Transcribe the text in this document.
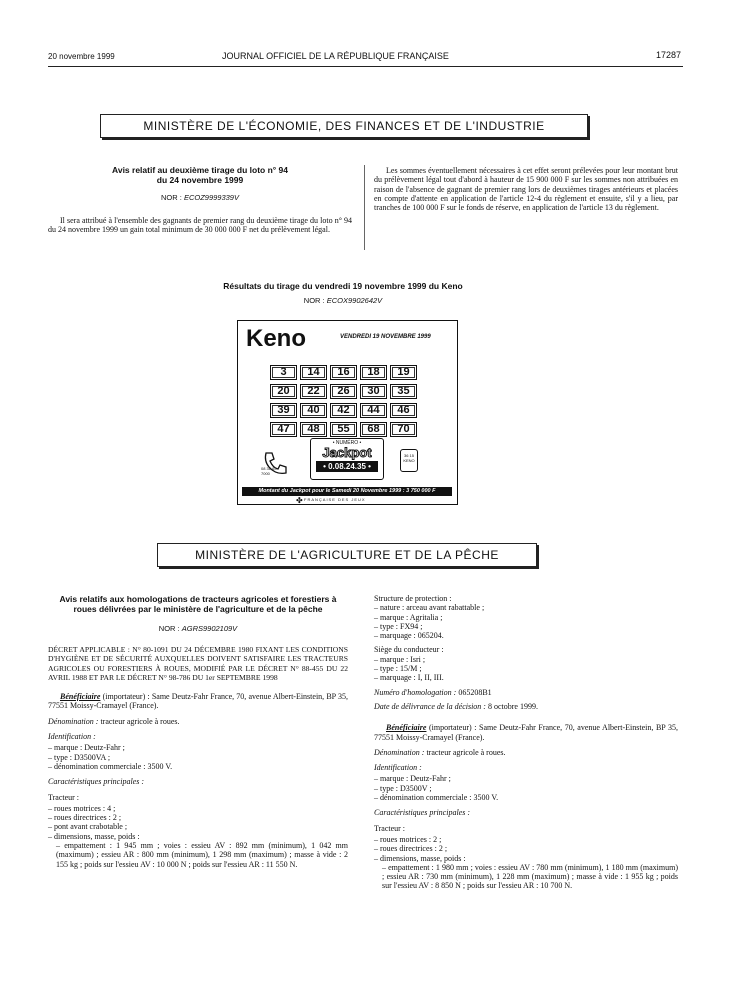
20 novembre 1999	JOURNAL OFFICIEL DE LA RÉPUBLIQUE FRANÇAISE	17287
MINISTÈRE DE L'ÉCONOMIE, DES FINANCES ET DE L'INDUSTRIE
Avis relatif au deuxième tirage du loto n° 94
du 24 novembre 1999
NOR : ECOZ9999339V

Il sera attribué à l'ensemble des gagnants de premier rang du deuxième tirage du loto n° 94 du 24 novembre 1999 un gain total minimum de 30 000 000 F net du prélèvement légal.

Les sommes éventuellement nécessaires à cet effet seront prélevées pour leur montant brut du prélèvement légal tout d'abord à hauteur de 15 900 000 F sur les sommes non attribuées en raison de l'absence de gagnant de premier rang lors de deuxièmes tirages antérieurs et placées en compte d'attente en application de l'article 12-4 du règlement et ensuite, s'il y a lieu, par tranches de 100 000 F sur le fonds de réserve, en application de l'article 13 du règlement.

Résultats du tirage du vendredi 19 novembre 1999 du Keno
NOR : ECOX9902642V
Keno	VENDREDI 19 NOVEMBRE 1999
3	14	16	18	19
20	22	26	30	35
39	40	42	44	46
47	48	55	68	70
08 36 65 7000
• NUMÉRO •
Jackpot
• 0.08.24.35 •
36 15 KENO
Montant du Jackpot pour le Samedi 20 Novembre 1999 : 3 750 000 F
✤ FRANÇAISE DES JEUX
MINISTÈRE DE L'AGRICULTURE ET DE LA PÊCHE
Avis relatifs aux homologations de tracteurs agricoles et forestiers à roues délivrées par le ministère de l'agriculture et de la pêche
NOR : AGRS9902109V
DÉCRET APPLICABLE : N° 80-1091 DU 24 DÉCEMBRE 1980 FIXANT LES CONDITIONS D'HYGIÈNE ET DE SÉCURITÉ AUXQUELLES DOIVENT SATISFAIRE LES TRACTEURS AGRICOLES OU FORESTIERS À ROUES, MODIFIÉ PAR LE DÉCRET N° 88-455 DU 22 AVRIL 1988 ET PAR LE DÉCRET N° 98-786 DU 1er SEPTEMBRE 1998

Bénéficiaire (importateur) : Same Deutz-Fahr France, 70, avenue Albert-Einstein, BP 35, 77551 Moissy-Cramayel (France).

Dénomination : tracteur agricole à roues.

Identification :

– marque : Deutz-Fahr ;

– type : D3500VA ;

– dénomination commerciale : 3500 V.

Caractéristiques principales :

Tracteur :

– roues motrices : 4 ;

– roues directrices : 2 ;

– pont avant crabotable ;

– dimensions, masse, poids :

– empattement : 1 945 mm ; voies : essieu AV : 892 mm (minimum), 1 042 mm (maximum) ; essieu AR : 800 mm (minimum), 1 298 mm (maximum) ; masse à vide : 2 155 kg ; poids sur l'essieu AV : 10 000 N ; poids sur l'essieu AR : 11 550 N.

Structure de protection :

– nature : arceau avant rabattable ;

– marque : Agritalia ;

– type : FX94 ;

– marquage : 065204.

Siège du conducteur :

– marque : Isri ;

– type : 15/M ;

– marquage : I, II, III.

Numéro d'homologation : 065208B1

Date de délivrance de la décision : 8 octobre 1999.

Bénéficiaire (importateur) : Same Deutz-Fahr France, 70, avenue Albert-Einstein, BP 35, 77551 Moissy-Cramayel (France).

Dénomination : tracteur agricole à roues.

Identification :

– marque : Deutz-Fahr ;

– type : D3500V ;

– dénomination commerciale : 3500 V.

Caractéristiques principales :

Tracteur :

– roues motrices : 2 ;

– roues directrices : 2 ;

– dimensions, masse, poids :

– empattement : 1 980 mm ; voies : essieu AV : 780 mm (minimum), 1 180 mm (maximum) ; essieu AR : 730 mm (minimum), 1 228 mm (maximum) ; masse à vide : 1 955 kg ; poids sur l'essieu AV : 8 850 N ; poids sur l'essieu AR : 10 700 N.
